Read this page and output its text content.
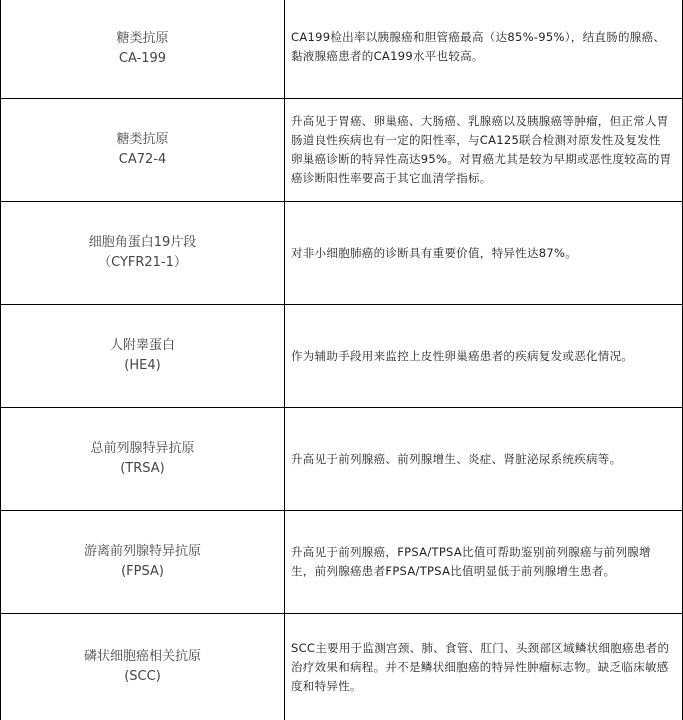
糖类抗原
CA-199
CA199检出率以胰腺癌和胆管癌最高（达85%-95%），结直肠的腺癌、黏液腺癌患者的CA199水平也较高。
糖类抗原
CA72-4
升高见于胃癌、卵巢癌、大肠癌、乳腺癌以及胰腺癌等肿瘤，但正常人胃肠道良性疾病也有一定的阳性率，与CA125联合检测对原发性及复发性卵巢癌诊断的特异性高达95%。对胃癌尤其是较为早期或恶性度较高的胃癌诊断阳性率要高于其它血清学指标。
细胞角蛋白19片段
（CYFR21-1）
对非小细胞肺癌的诊断具有重要价值，特异性达87%。
人附睾蛋白
(HE4)
作为辅助手段用来监控上皮性卵巢癌患者的疾病复发或恶化情况。
总前列腺特异抗原
(TRSA)
升高见于前列腺癌、前列腺增生、炎症、肾脏泌尿系统疾病等。
游离前列腺特异抗原
(FPSA)
升高见于前列腺癌，FPSA/TPSA比值可帮助鉴别前列腺癌与前列腺增生，前列腺癌患者FPSA/TPSA比值明显低于前列腺增生患者。
磷状细胞癌相关抗原
(SCC)
SCC主要用于监测宫颈、肺、食管、肛门、头颈部区域鳞状细胞癌患者的治疗效果和病程。并不是鳞状细胞癌的特异性肿瘤标志物。缺乏临床敏感度和特异性。
